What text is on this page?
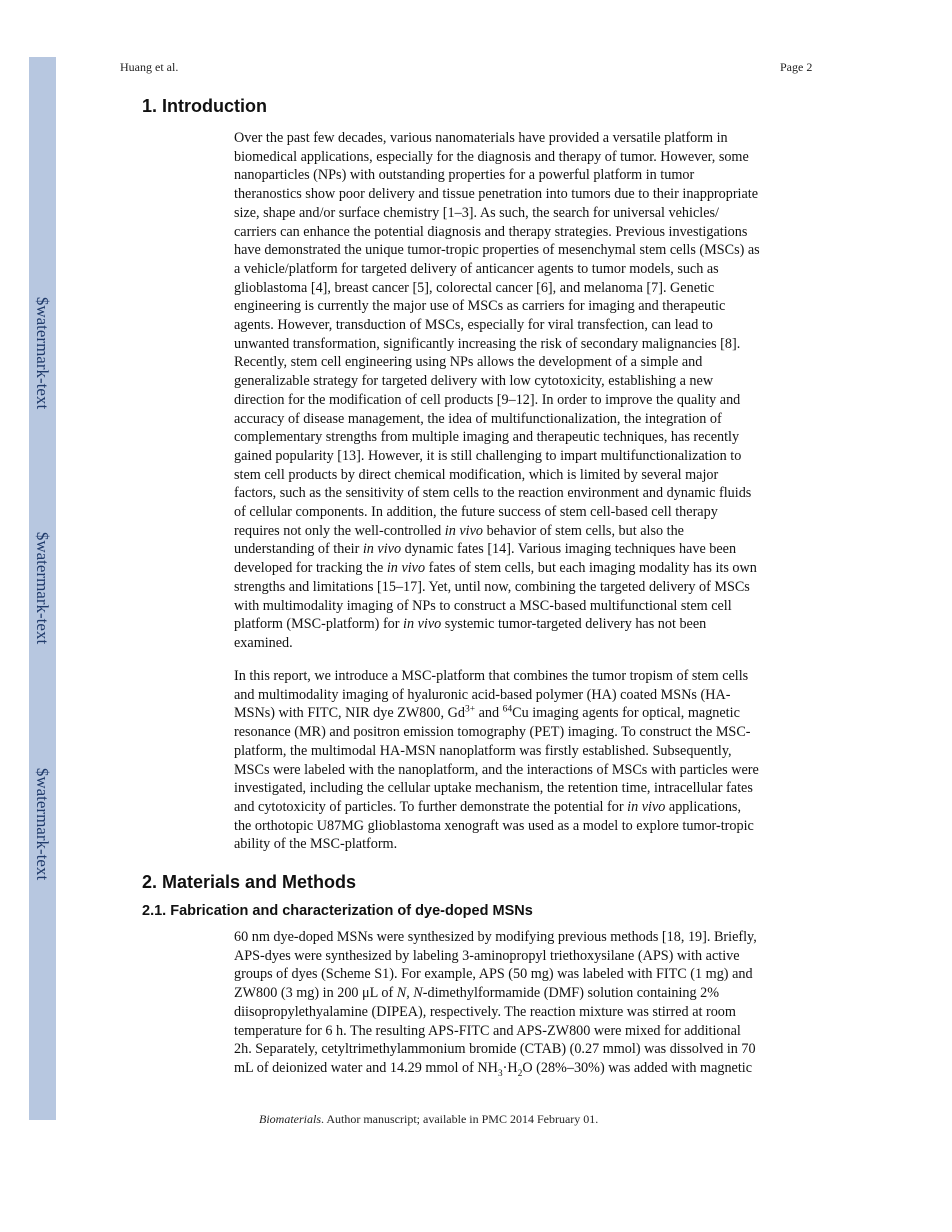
$watermark-text
$watermark-text
$watermark-text
Huang et al.	Page 2
1. Introduction
Over the past few decades, various nanomaterials have provided a versatile platform in
biomedical applications, especially for the diagnosis and therapy of tumor. However, some
nanoparticles (NPs) with outstanding properties for a powerful platform in tumor
theranostics show poor delivery and tissue penetration into tumors due to their inappropriate
size, shape and/or surface chemistry [1–3]. As such, the search for universal vehicles/
carriers can enhance the potential diagnosis and therapy strategies. Previous investigations
have demonstrated the unique tumor-tropic properties of mesenchymal stem cells (MSCs) as
a vehicle/platform for targeted delivery of anticancer agents to tumor models, such as
glioblastoma [4], breast cancer [5], colorectal cancer [6], and melanoma [7]. Genetic
engineering is currently the major use of MSCs as carriers for imaging and therapeutic
agents. However, transduction of MSCs, especially for viral transfection, can lead to
unwanted transformation, significantly increasing the risk of secondary malignancies [8].
Recently, stem cell engineering using NPs allows the development of a simple and
generalizable strategy for targeted delivery with low cytotoxicity, establishing a new
direction for the modification of cell products [9–12]. In order to improve the quality and
accuracy of disease management, the idea of multifunctionalization, the integration of
complementary strengths from multiple imaging and therapeutic techniques, has recently
gained popularity [13]. However, it is still challenging to impart multifunctionalization to
stem cell products by direct chemical modification, which is limited by several major
factors, such as the sensitivity of stem cells to the reaction environment and dynamic fluids
of cellular components. In addition, the future success of stem cell-based cell therapy
requires not only the well-controlled in vivo behavior of stem cells, but also the
understanding of their in vivo dynamic fates [14]. Various imaging techniques have been
developed for tracking the in vivo fates of stem cells, but each imaging modality has its own
strengths and limitations [15–17]. Yet, until now, combining the targeted delivery of MSCs
with multimodality imaging of NPs to construct a MSC-based multifunctional stem cell
platform (MSC-platform) for in vivo systemic tumor-targeted delivery has not been
examined.
In this report, we introduce a MSC-platform that combines the tumor tropism of stem cells
and multimodality imaging of hyaluronic acid-based polymer (HA) coated MSNs (HA-
MSNs) with FITC, NIR dye ZW800, $Gd^{3+}$ and $^{64}$Cu imaging agents for optical, magnetic
resonance (MR) and positron emission tomography (PET) imaging. To construct the MSC-
platform, the multimodal HA-MSN nanoplatform was firstly established. Subsequently,
MSCs were labeled with the nanoplatform, and the interactions of MSCs with particles were
investigated, including the cellular uptake mechanism, the retention time, intracellular fates
and cytotoxicity of particles. To further demonstrate the potential for in vivo applications,
the orthotopic U87MG glioblastoma xenograft was used as a model to explore tumor-tropic
ability of the MSC-platform.
2. Materials and Methods
2.1. Fabrication and characterization of dye-doped MSNs
60 nm dye-doped MSNs were synthesized by modifying previous methods [18, 19]. Briefly,
APS-dyes were synthesized by labeling 3-aminopropyl triethoxysilane (APS) with active
groups of dyes (Scheme S1). For example, APS (50 mg) was labeled with FITC (1 mg) and
ZW800 (3 mg) in 200 μL of N, N-dimethylformamide (DMF) solution containing 2%
diisopropylethyalamine (DIPEA), respectively. The reaction mixture was stirred at room
temperature for 6 h. The resulting APS-FITC and APS-ZW800 were mixed for additional
2h. Separately, cetyltrimethylammonium bromide (CTAB) (0.27 mmol) was dissolved in 70
mL of deionized water and 14.29 mmol of $NH_3\cdot H_2O$ (28%–30%) was added with magnetic
Biomaterials. Author manuscript; available in PMC 2014 February 01.
